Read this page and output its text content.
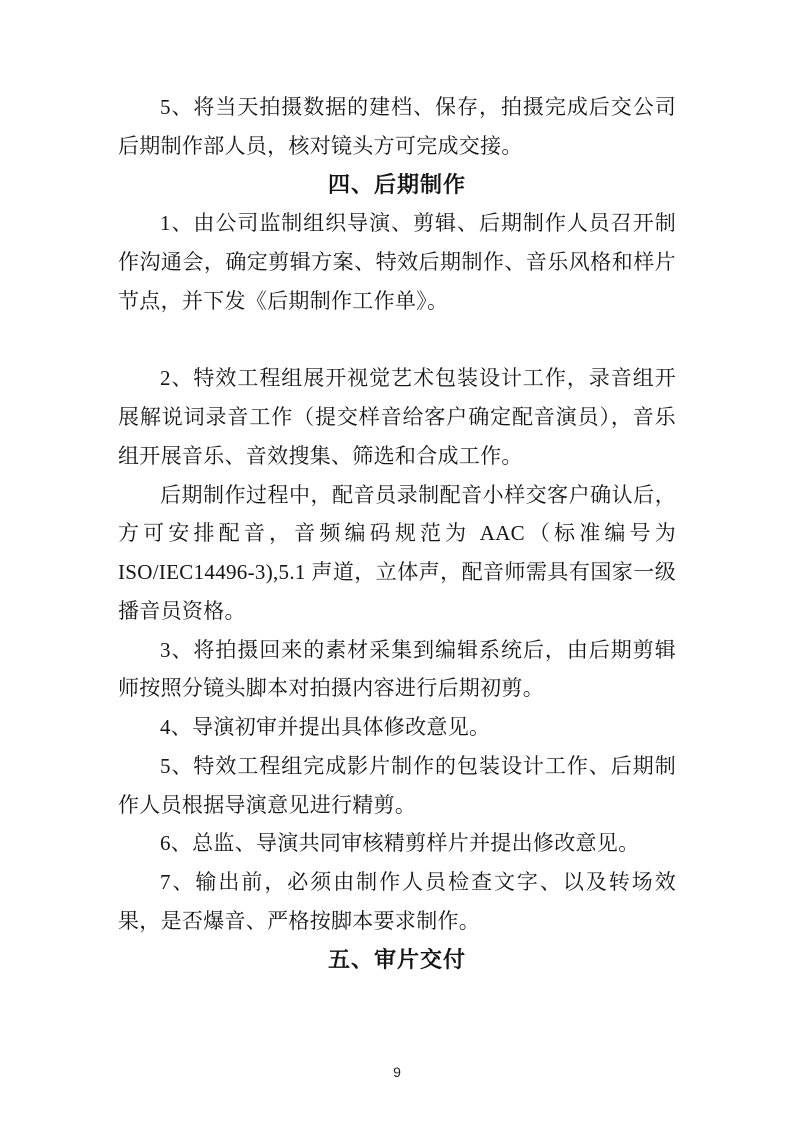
5、将当天拍摄数据的建档、保存，拍摄完成后交公司后期制作部人员，核对镜头方可完成交接。

四、后期制作

1、由公司监制组织导演、剪辑、后期制作人员召开制作沟通会，确定剪辑方案、特效后期制作、音乐风格和样片节点，并下发《后期制作工作单》。

2、特效工程组展开视觉艺术包装设计工作，录音组开展解说词录音工作（提交样音给客户确定配音演员），音乐组开展音乐、音效搜集、筛选和合成工作。

后期制作过程中，配音员录制配音小样交客户确认后，方可安排配音，音频编码规范为 AAC（标准编号为 ISO/IEC14496-3),5.1 声道，立体声，配音师需具有国家一级播音员资格。

3、将拍摄回来的素材采集到编辑系统后，由后期剪辑师按照分镜头脚本对拍摄内容进行后期初剪。

4、导演初审并提出具体修改意见。

5、特效工程组完成影片制作的包装设计工作、后期制作人员根据导演意见进行精剪。

6、总监、导演共同审核精剪样片并提出修改意见。

7、输出前，必须由制作人员检查文字、以及转场效果，是否爆音、严格按脚本要求制作。

五、审片交付

9
